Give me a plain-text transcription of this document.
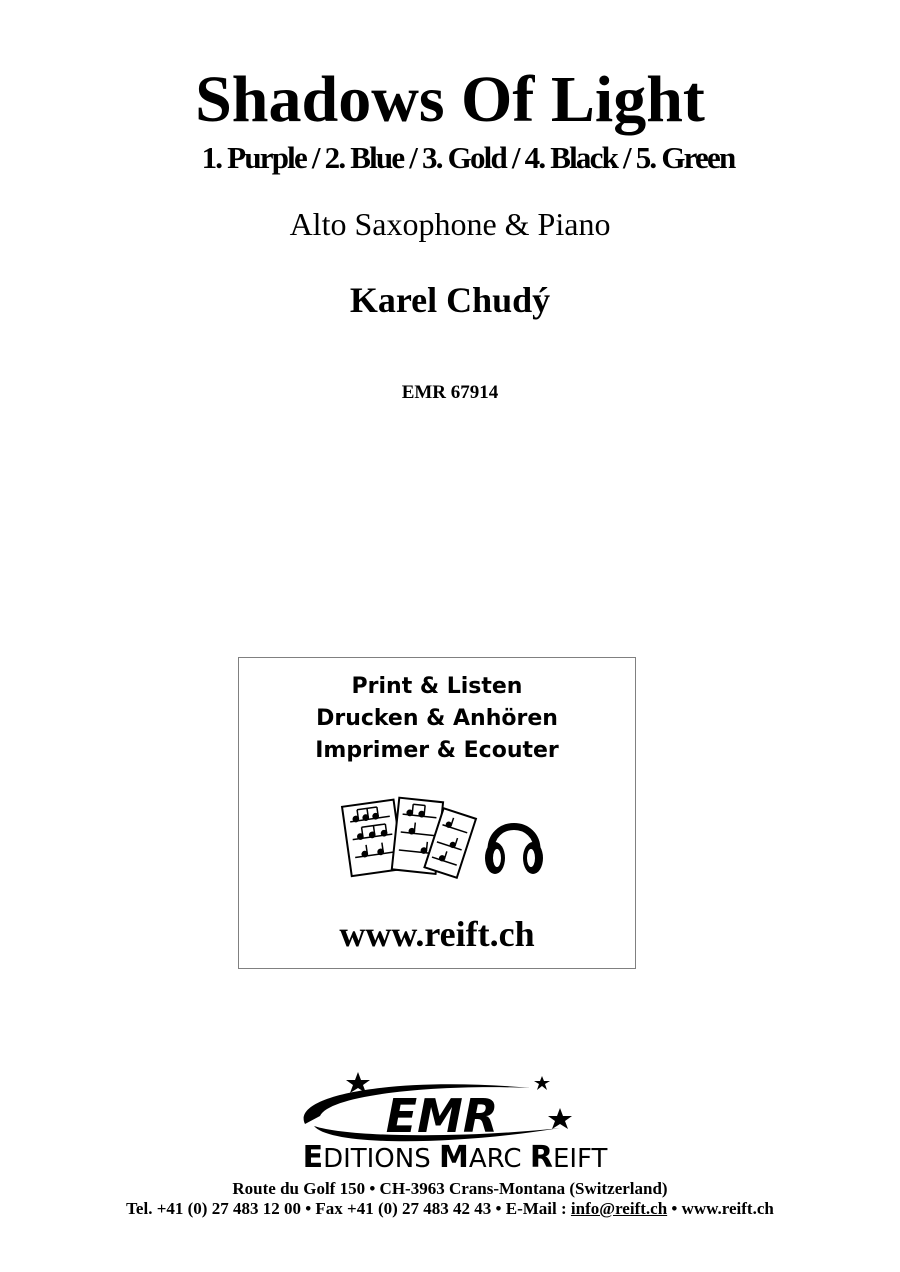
Shadows Of Light
1. Purple / 2. Blue / 3. Gold / 4. Black / 5. Green
Alto Saxophone & Piano
Karel Chudý
EMR 67914
Print & Listen
Drucken & Anhören
Imprimer & Ecouter
www.reift.ch
EMR
EDITIONS MARC REIFT
Route du Golf 150 • CH-3963 Crans-Montana (Switzerland)
Tel. +41 (0) 27 483 12 00 • Fax +41 (0) 27 483 42 43 • E-Mail : info@reift.ch • www.reift.ch
